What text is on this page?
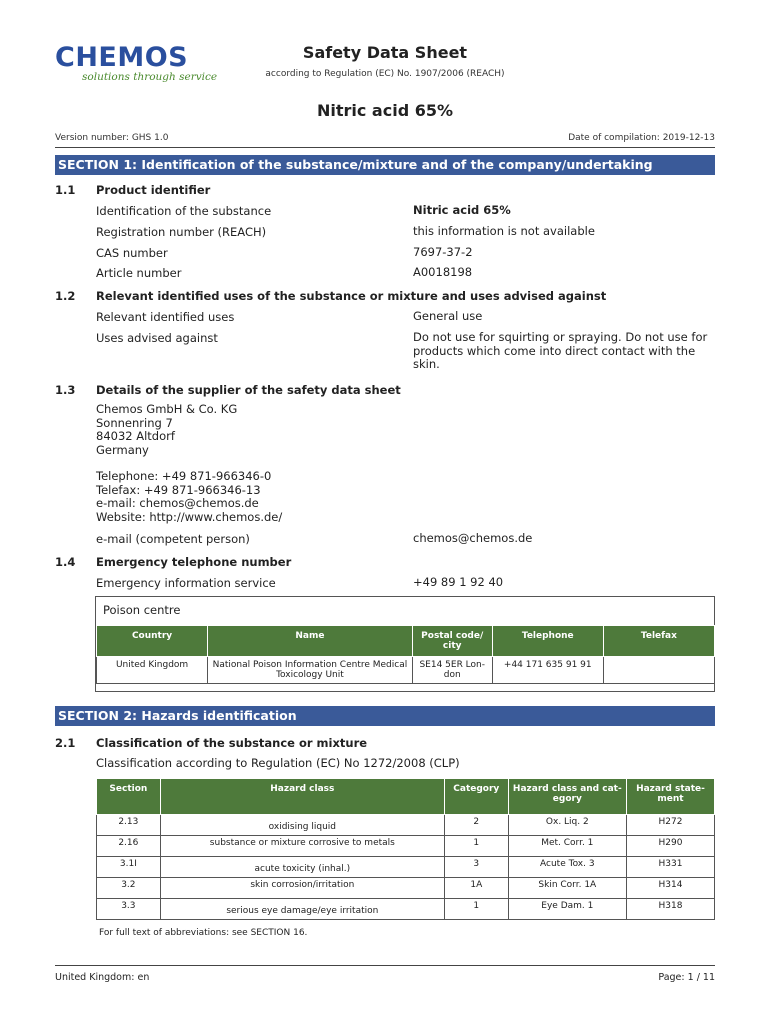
CHEMOS
solutions through service
Safety Data Sheet
according to Regulation (EC) No. 1907/2006 (REACH)
Nitric acid 65%
Version number: GHS 1.0	Date of compilation: 2019-12-13
SECTION 1: Identification of the substance/mixture and of the company/undertaking
1.1 Product identifier
Identification of the substance	Nitric acid 65%
Registration number (REACH)	this information is not available
CAS number	7697-37-2
Article number	A0018198
1.2 Relevant identified uses of the substance or mixture and uses advised against
Relevant identified uses	General use
Uses advised against	Do not use for squirting or spraying. Do not use for products which come into direct contact with the skin.
1.3 Details of the supplier of the safety data sheet
Chemos GmbH & Co. KG
Sonnenring 7
84032 Altdorf
Germany
Telephone: +49 871-966346-0
Telefax: +49 871-966346-13
e-mail: chemos@chemos.de
Website: http://www.chemos.de/
e-mail (competent person)	chemos@chemos.de
1.4 Emergency telephone number
Emergency information service	+49 89 1 92 40
Poison centre
Country	Name	Postal code/ city	Telephone	Telefax
United Kingdom	National Poison Information Centre Medical Toxicology Unit	SE14 5ER Lon- don	+44 171 635 91 91	
SECTION 2: Hazards identification
2.1 Classification of the substance or mixture
Classification according to Regulation (EC) No 1272/2008 (CLP)
Section	Hazard class	Category	Hazard class and cat- egory	Hazard state- ment
2.13	oxidising liquid	2	Ox. Liq. 2	H272
2.16	substance or mixture corrosive to metals	1	Met. Corr. 1	H290
3.1I	acute toxicity (inhal.)	3	Acute Tox. 3	H331
3.2	skin corrosion/irritation	1A	Skin Corr. 1A	H314
3.3	serious eye damage/eye irritation	1	Eye Dam. 1	H318
For full text of abbreviations: see SECTION 16.
United Kingdom: en	Page: 1 / 11
